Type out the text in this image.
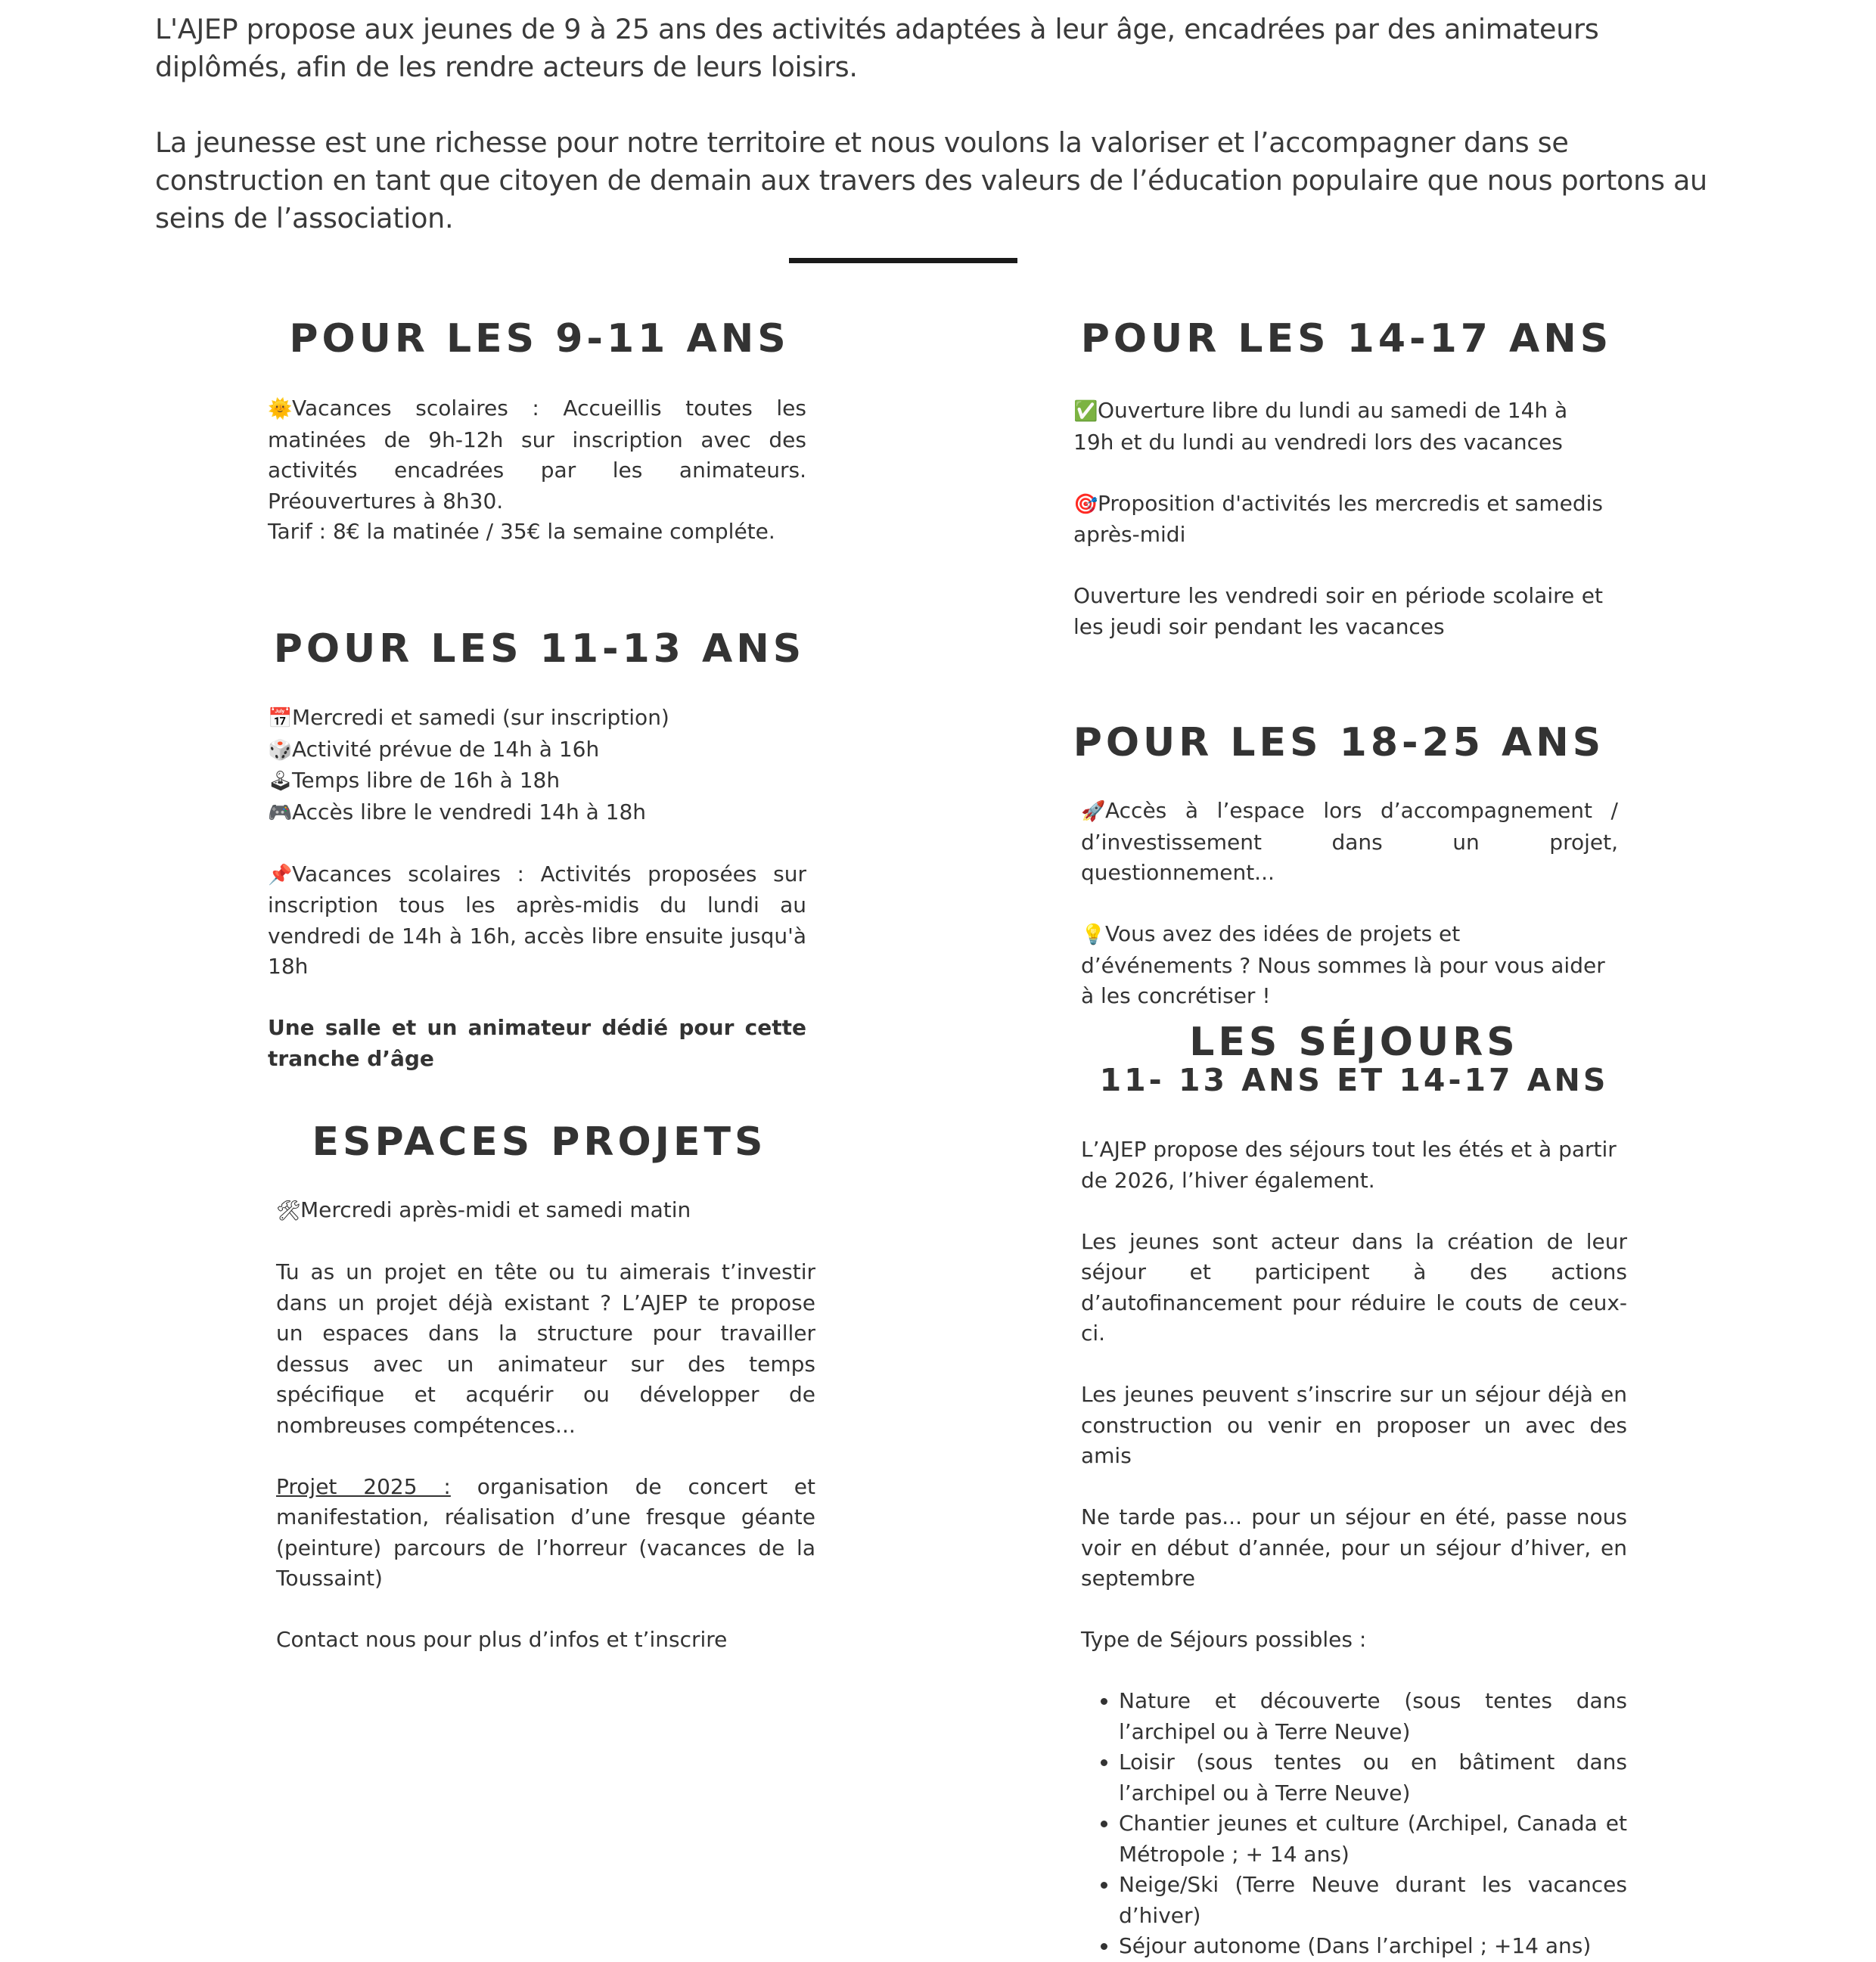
L'AJEP propose aux jeunes de 9 à 25 ans des activités adaptées à leur âge, encadrées par des animateurs diplômés, afin de les rendre acteurs de leurs loisirs.

La jeunesse est une richesse pour notre territoire et nous voulons la valoriser et l’accompagner dans se construction en tant que citoyen de demain aux travers des valeurs de l’éducation populaire que nous portons au seins de l’association.

POUR LES 9-11 ANS

🌞Vacances scolaires : Accueillis toutes les matinées de 9h-12h sur inscription avec des activités encadrées par les animateurs. Préouvertures à 8h30.

Tarif : 8€ la matinée / 35€ la semaine compléte.

POUR LES 11-13 ANS

📅Mercredi et samedi (sur inscription)

🎲Activité prévue de 14h à 16h

🕹Temps libre de 16h à 18h

🎮Accès libre le vendredi 14h à 18h

📌Vacances scolaires : Activités proposées sur inscription tous les après-midis du lundi au vendredi de 14h à 16h, accès libre ensuite jusqu'à 18h

Une salle et un animateur dédié pour cette tranche d’âge

ESPACES PROJETS

🛠Mercredi après-midi et samedi matin

Tu as un projet en tête ou tu aimerais t’investir dans un projet déjà existant ? L’AJEP te propose un espaces dans la structure pour travailler dessus avec un animateur sur des temps spécifique et acquérir ou développer de nombreuses compétences...

Projet 2025 : organisation de concert et manifestation, réalisation d’une fresque géante (peinture) parcours de l’horreur (vacances de la Toussaint)

Contact nous pour plus d’infos et t’inscrire

POUR LES 14-17 ANS

✅Ouverture libre du lundi au samedi de 14h à 19h et du lundi au vendredi lors des vacances

🎯Proposition d'activités les mercredis et samedis après-midi

Ouverture les vendredi soir en période scolaire et les jeudi soir pendant les vacances

POUR LES 18-25 ANS

🚀Accès à l’espace lors d’accompagnement / d’investissement dans un projet, questionnement...

💡Vous avez des idées de projets et d’événements ? Nous sommes là pour vous aider à les concrétiser !

LES SÉJOURS
11- 13 ANS ET 14-17 ANS

L’AJEP propose des séjours tout les étés et à partir de 2026, l’hiver également.

Les jeunes sont acteur dans la création de leur séjour et participent à des actions d’autofinancement pour réduire le couts de ceux-ci.

Les jeunes peuvent s’inscrire sur un séjour déjà en construction ou venir en proposer un avec des amis

Ne tarde pas... pour un séjour en été, passe nous voir en début d’année, pour un séjour d’hiver, en septembre

Type de Séjours possibles :

• Nature et découverte (sous tentes dans l’archipel ou à Terre Neuve)
• Loisir (sous tentes ou en bâtiment dans l’archipel ou à Terre Neuve)
• Chantier jeunes et culture (Archipel, Canada et Métropole ; + 14 ans)
• Neige/Ski (Terre Neuve durant les vacances d’hiver)
• Séjour autonome (Dans l’archipel ; +14 ans)
